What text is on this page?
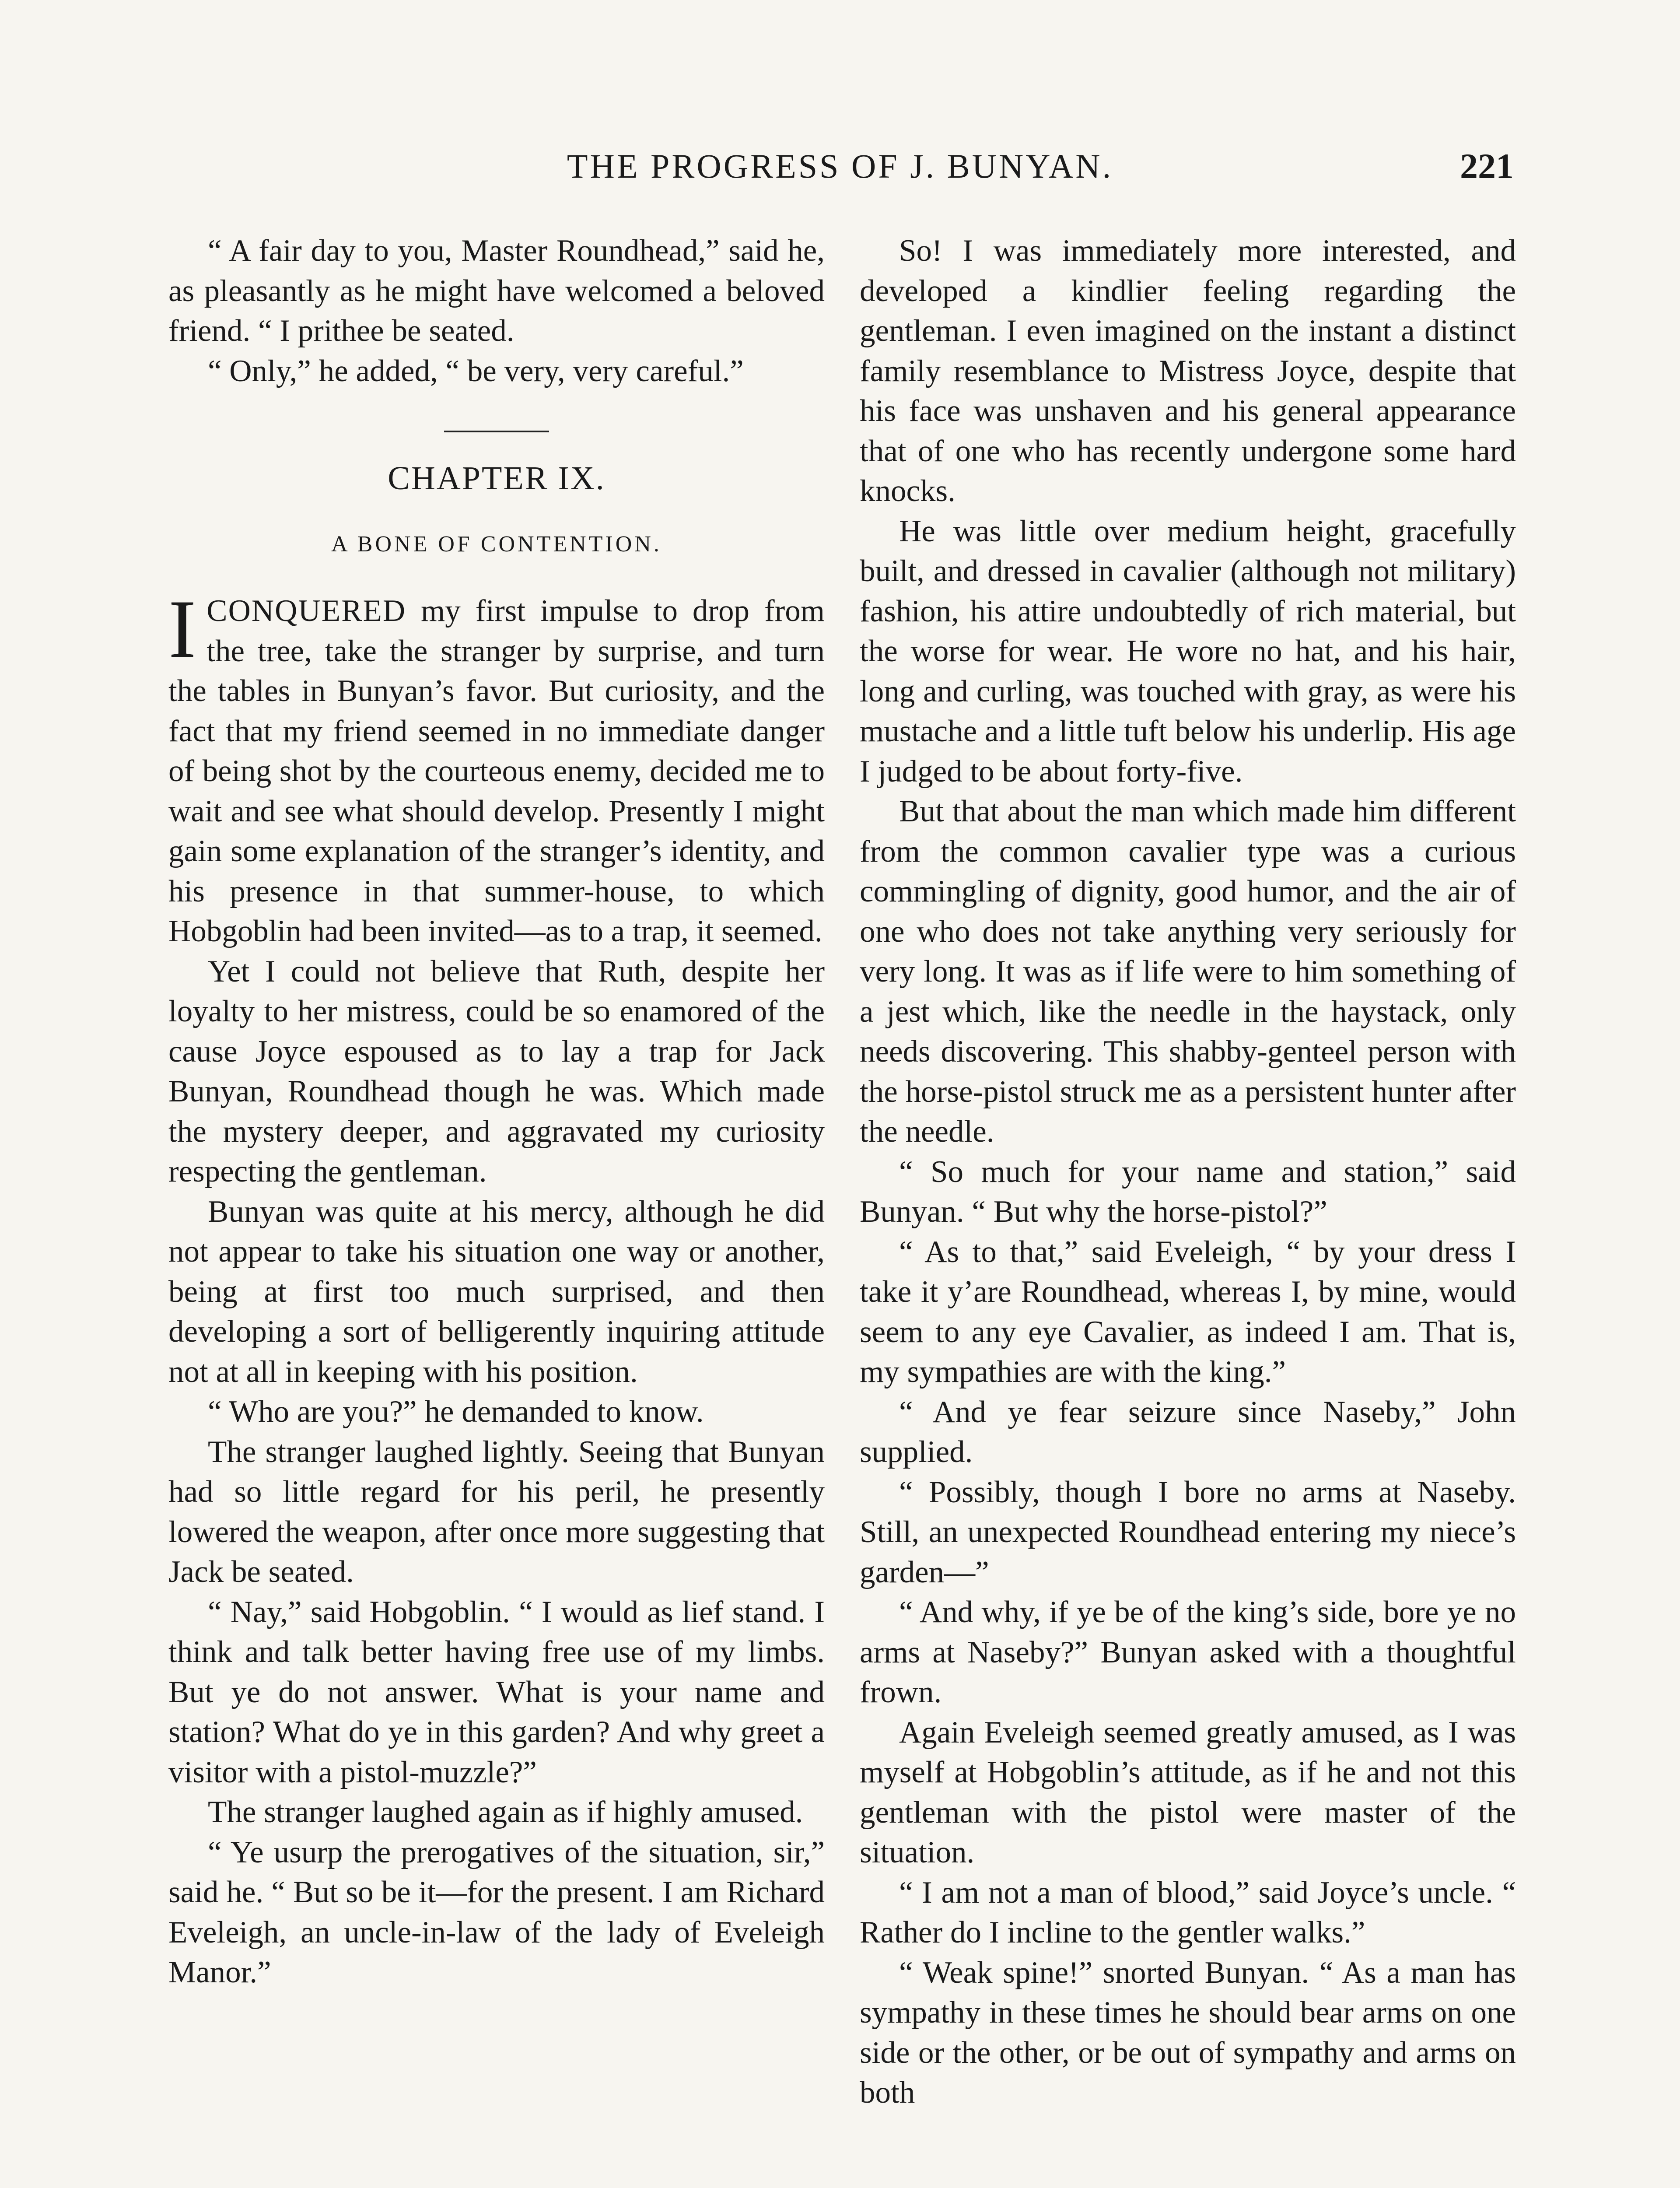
THE PROGRESS OF J. BUNYAN.	221

“ A fair day to you, Master Roundhead,” said he, as pleasantly as he might have welcomed a beloved friend. “ I prithee be seated.

“ Only,” he added, “ be very, very careful.”

CHAPTER IX.

A BONE OF CONTENTION.

ICONQUERED my first impulse to drop from the tree, take the stranger by surprise, and turn the tables in Bunyan’s favor. But curiosity, and the fact that my friend seemed in no immediate danger of being shot by the courteous enemy, decided me to wait and see what should develop. Presently I might gain some explanation of the stranger’s identity, and his presence in that summer-house, to which Hobgoblin had been invited—as to a trap, it seemed.

Yet I could not believe that Ruth, despite her loyalty to her mistress, could be so enamored of the cause Joyce espoused as to lay a trap for Jack Bunyan, Roundhead though he was. Which made the mystery deeper, and aggravated my curiosity respecting the gentleman.

Bunyan was quite at his mercy, although he did not appear to take his situation one way or another, being at first too much surprised, and then developing a sort of belligerently inquiring attitude not at all in keeping with his position.

“ Who are you?” he demanded to know.

The stranger laughed lightly. Seeing that Bunyan had so little regard for his peril, he presently lowered the weapon, after once more suggesting that Jack be seated.

“ Nay,” said Hobgoblin. “ I would as lief stand. I think and talk better having free use of my limbs. But ye do not answer. What is your name and station? What do ye in this garden? And why greet a visitor with a pistol-muzzle?”

The stranger laughed again as if highly amused.

“ Ye usurp the prerogatives of the situation, sir,” said he. “ But so be it—for the present. I am Richard Eveleigh, an uncle-in-law of the lady of Eveleigh Manor.”

So! I was immediately more interested, and developed a kindlier feeling regarding the gentleman. I even imagined on the instant a distinct family resemblance to Mistress Joyce, despite that his face was unshaven and his general appearance that of one who has recently undergone some hard knocks.

He was little over medium height, gracefully built, and dressed in cavalier (although not military) fashion, his attire undoubtedly of rich material, but the worse for wear. He wore no hat, and his hair, long and curling, was touched with gray, as were his mustache and a little tuft below his underlip. His age I judged to be about forty-five.

But that about the man which made him different from the common cavalier type was a curious commingling of dignity, good humor, and the air of one who does not take anything very seriously for very long. It was as if life were to him something of a jest which, like the needle in the haystack, only needs discovering. This shabby-genteel person with the horse-pistol struck me as a persistent hunter after the needle.

“ So much for your name and station,” said Bunyan. “ But why the horse-pistol?”

“ As to that,” said Eveleigh, “ by your dress I take it y’are Roundhead, whereas I, by mine, would seem to any eye Cavalier, as indeed I am. That is, my sympathies are with the king.”

“ And ye fear seizure since Naseby,” John supplied.

“ Possibly, though I bore no arms at Naseby. Still, an unexpected Roundhead entering my niece’s garden—”

“ And why, if ye be of the king’s side, bore ye no arms at Naseby?” Bunyan asked with a thoughtful frown.

Again Eveleigh seemed greatly amused, as I was myself at Hobgoblin’s attitude, as if he and not this gentleman with the pistol were master of the situation.

“ I am not a man of blood,” said Joyce’s uncle. “ Rather do I incline to the gentler walks.”

“ Weak spine!” snorted Bunyan. “ As a man has sympathy in these times he should bear arms on one side or the other, or be out of sympathy and arms on both
